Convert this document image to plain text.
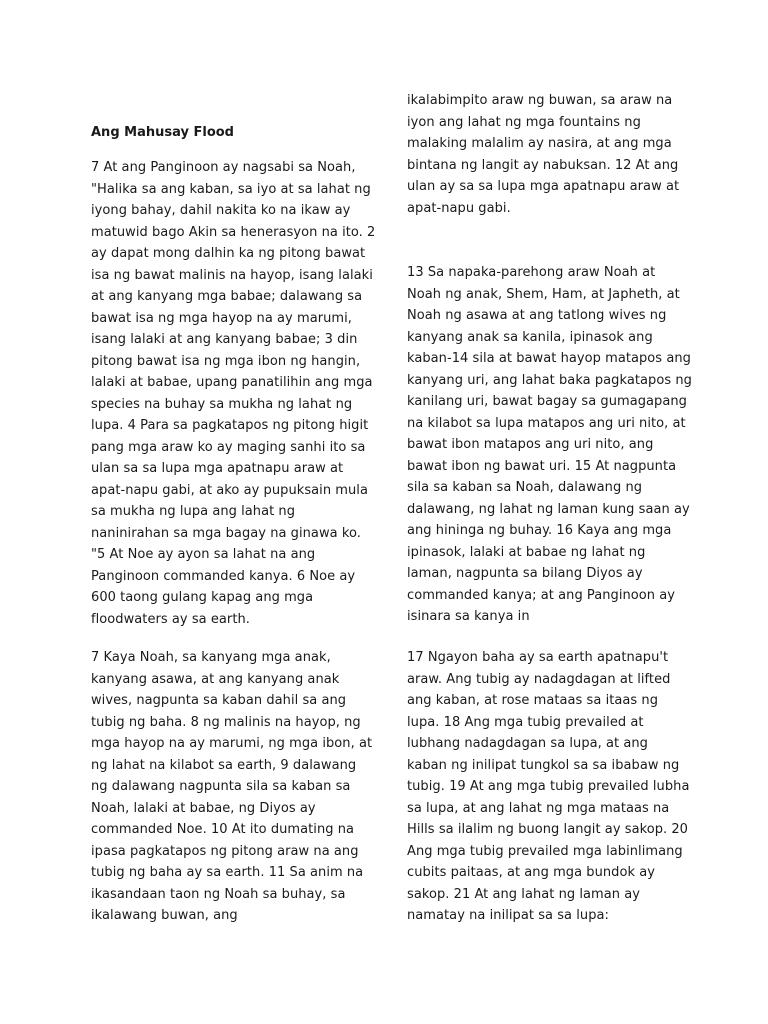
Ang Mahusay Flood

7 At ang Panginoon ay nagsabi sa Noah, "Halika sa ang kaban, sa iyo at sa lahat ng iyong bahay, dahil nakita ko na ikaw ay matuwid bago Akin sa henerasyon na ito. 2 ay dapat mong dalhin ka ng pitong bawat isa ng bawat malinis na hayop, isang lalaki at ang kanyang mga babae; dalawang sa bawat isa ng mga hayop na ay marumi, isang lalaki at ang kanyang babae; 3 din pitong bawat isa ng mga ibon ng hangin, lalaki at babae, upang panatilihin ang mga species na buhay sa mukha ng lahat ng lupa. 4 Para sa pagkatapos ng pitong higit pang mga araw ko ay maging sanhi ito sa ulan sa sa lupa mga apatnapu araw at apat-napu gabi, at ako ay pupuksain mula sa mukha ng lupa ang lahat ng naninirahan sa mga bagay na ginawa ko. "5 At Noe ay ayon sa lahat na ang Panginoon commanded kanya. 6 Noe ay 600 taong gulang kapag ang mga floodwaters ay sa earth.

7 Kaya Noah, sa kanyang mga anak, kanyang asawa, at ang kanyang anak wives, nagpunta sa kaban dahil sa ang tubig ng baha. 8 ng malinis na hayop, ng mga hayop na ay marumi, ng mga ibon, at ng lahat na kilabot sa earth, 9 dalawang ng dalawang nagpunta sila sa kaban sa Noah, lalaki at babae, ng Diyos ay commanded Noe. 10 At ito dumating na ipasa pagkatapos ng pitong araw na ang tubig ng baha ay sa earth. 11 Sa anim na ikasandaan taon ng Noah sa buhay, sa ikalawang buwan, ang

ikalabimpito araw ng buwan, sa araw na iyon ang lahat ng mga fountains ng malaking malalim ay nasira, at ang mga bintana ng langit ay nabuksan. 12 At ang ulan ay sa sa lupa mga apatnapu araw at apat-napu gabi.

13 Sa napaka-parehong araw Noah at Noah ng anak, Shem, Ham, at Japheth, at Noah ng asawa at ang tatlong wives ng kanyang anak sa kanila, ipinasok ang kaban-14 sila at bawat hayop matapos ang kanyang uri, ang lahat baka pagkatapos ng kanilang uri, bawat bagay sa gumagapang na kilabot sa lupa matapos ang uri nito, at bawat ibon matapos ang uri nito, ang bawat ibon ng bawat uri. 15 At nagpunta sila sa kaban sa Noah, dalawang ng dalawang, ng lahat ng laman kung saan ay ang hininga ng buhay. 16 Kaya ang mga ipinasok, lalaki at babae ng lahat ng laman, nagpunta sa bilang Diyos ay commanded kanya; at ang Panginoon ay isinara sa kanya in

17 Ngayon baha ay sa earth apatnapu't araw. Ang tubig ay nadagdagan at lifted ang kaban, at rose mataas sa itaas ng lupa. 18 Ang mga tubig prevailed at lubhang nadagdagan sa lupa, at ang kaban ng inilipat tungkol sa sa ibabaw ng tubig. 19 At ang mga tubig prevailed lubha sa lupa, at ang lahat ng mga mataas na Hills sa ilalim ng buong langit ay sakop. 20 Ang mga tubig prevailed mga labinlimang cubits paitaas, at ang mga bundok ay sakop. 21 At ang lahat ng laman ay namatay na inilipat sa sa lupa:
